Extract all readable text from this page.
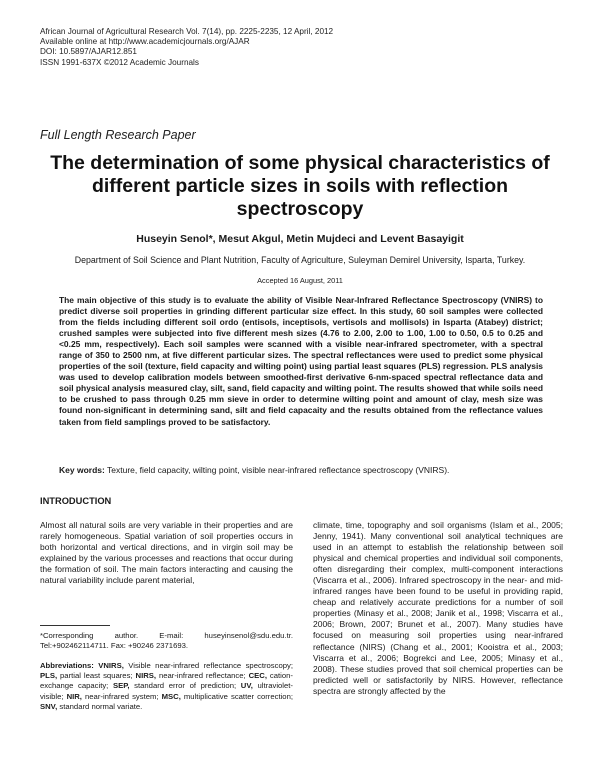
African Journal of Agricultural Research Vol. 7(14), pp. 2225-2235, 12 April, 2012
Available online at http://www.academicjournals.org/AJAR
DOI: 10.5897/AJAR12.851
ISSN 1991-637X ©2012 Academic Journals
Full Length Research Paper
The determination of some physical characteristics of different particle sizes in soils with reflection spectroscopy
Huseyin Senol*, Mesut Akgul, Metin Mujdeci and Levent Basayigit
Department of Soil Science and Plant Nutrition, Faculty of Agriculture, Suleyman Demirel University, Isparta, Turkey.
Accepted 16 August, 2011

The main objective of this study is to evaluate the ability of Visible Near-Infrared Reflectance Spectroscopy (VNIRS) to predict diverse soil properties in grinding different particular size effect. In this study, 60 soil samples were collected from the fields including different soil ordo (entisols, inceptisols, vertisols and mollisols) in Isparta (Atabey) district; crushed samples were subjected into five different mesh sizes (4.76 to 2.00, 2.00 to 1.00, 1.00 to 0.50, 0.5 to 0.25 and <0.25 mm, respectively). Each soil samples were scanned with a visible near-infrared spectrometer, with a spectral range of 350 to 2500 nm, at five different particular sizes. The spectral reflectances were used to predict some physical properties of the soil (texture, field capacity and wilting point) using partial least squares (PLS) regression. PLS analysis was used to develop calibration models between smoothed-first derivative 6-nm-spaced spectral reflectance data and soil physical analysis measured clay, silt, sand, field capacity and wilting point. The results showed that while soils need to be crushed to pass through 0.25 mm sieve in order to determine wilting point and amount of clay, mesh size was found non-significant in determining sand, silt and field capacaity and the results obtained from the reflectance values taken from field samplings proved to be satisfactory.

Key words: Texture, field capacity, wilting point, visible near-infrared reflectance spectroscopy (VNIRS).

INTRODUCTION

Almost all natural soils are very variable in their properties and are rarely homogeneous. Spatial variation of soil properties occurs in both horizontal and vertical directions, and in virgin soil may be explained by the various processes and reactions that occur during the formation of soil. The main factors interacting and causing the natural variability include parent material,

climate, time, topography and soil organisms (Islam et al., 2005; Jenny, 1941). Many conventional soil analytical techniques are used in an attempt to establish the relationship between soil physical and chemical properties and individual soil components, often disregarding their complex, multi-component interactions (Viscarra et al., 2006). Infrared spectroscopy in the near- and mid-infrared ranges have been found to be useful in providing rapid, cheap and relatively accurate predictions for a number of soil properties (Minasy et al., 2008; Janik et al., 1998; Viscarra et al., 2006; Brown, 2007; Brunet et al., 2007). Many studies have focused on measuring soil properties using near-infrared reflectance (NIRS) (Chang et al., 2001; Kooistra et al., 2003; Viscarra et al., 2006; Bogrekci and Lee, 2005; Minasy et al., 2008). These studies proved that soil chemical properties can be predicted well or satisfactorily by NIRS. However, reflectance spectra are strongly affected by the

*Corresponding author. E-mail: huseyinsenol@sdu.edu.tr. Tel:+902462114711. Fax: +90246 2371693.

Abbreviations: VNIRS, Visible near-infrared reflectance spectroscopy; PLS, partial least squares; NIRS, near-infrared reflectance; CEC, cation-exchange capacity; SEP, standard error of prediction; UV, ultraviolet-visible; NIR, near-infrared system; MSC, multiplicative scatter correction; SNV, standard normal variate.
